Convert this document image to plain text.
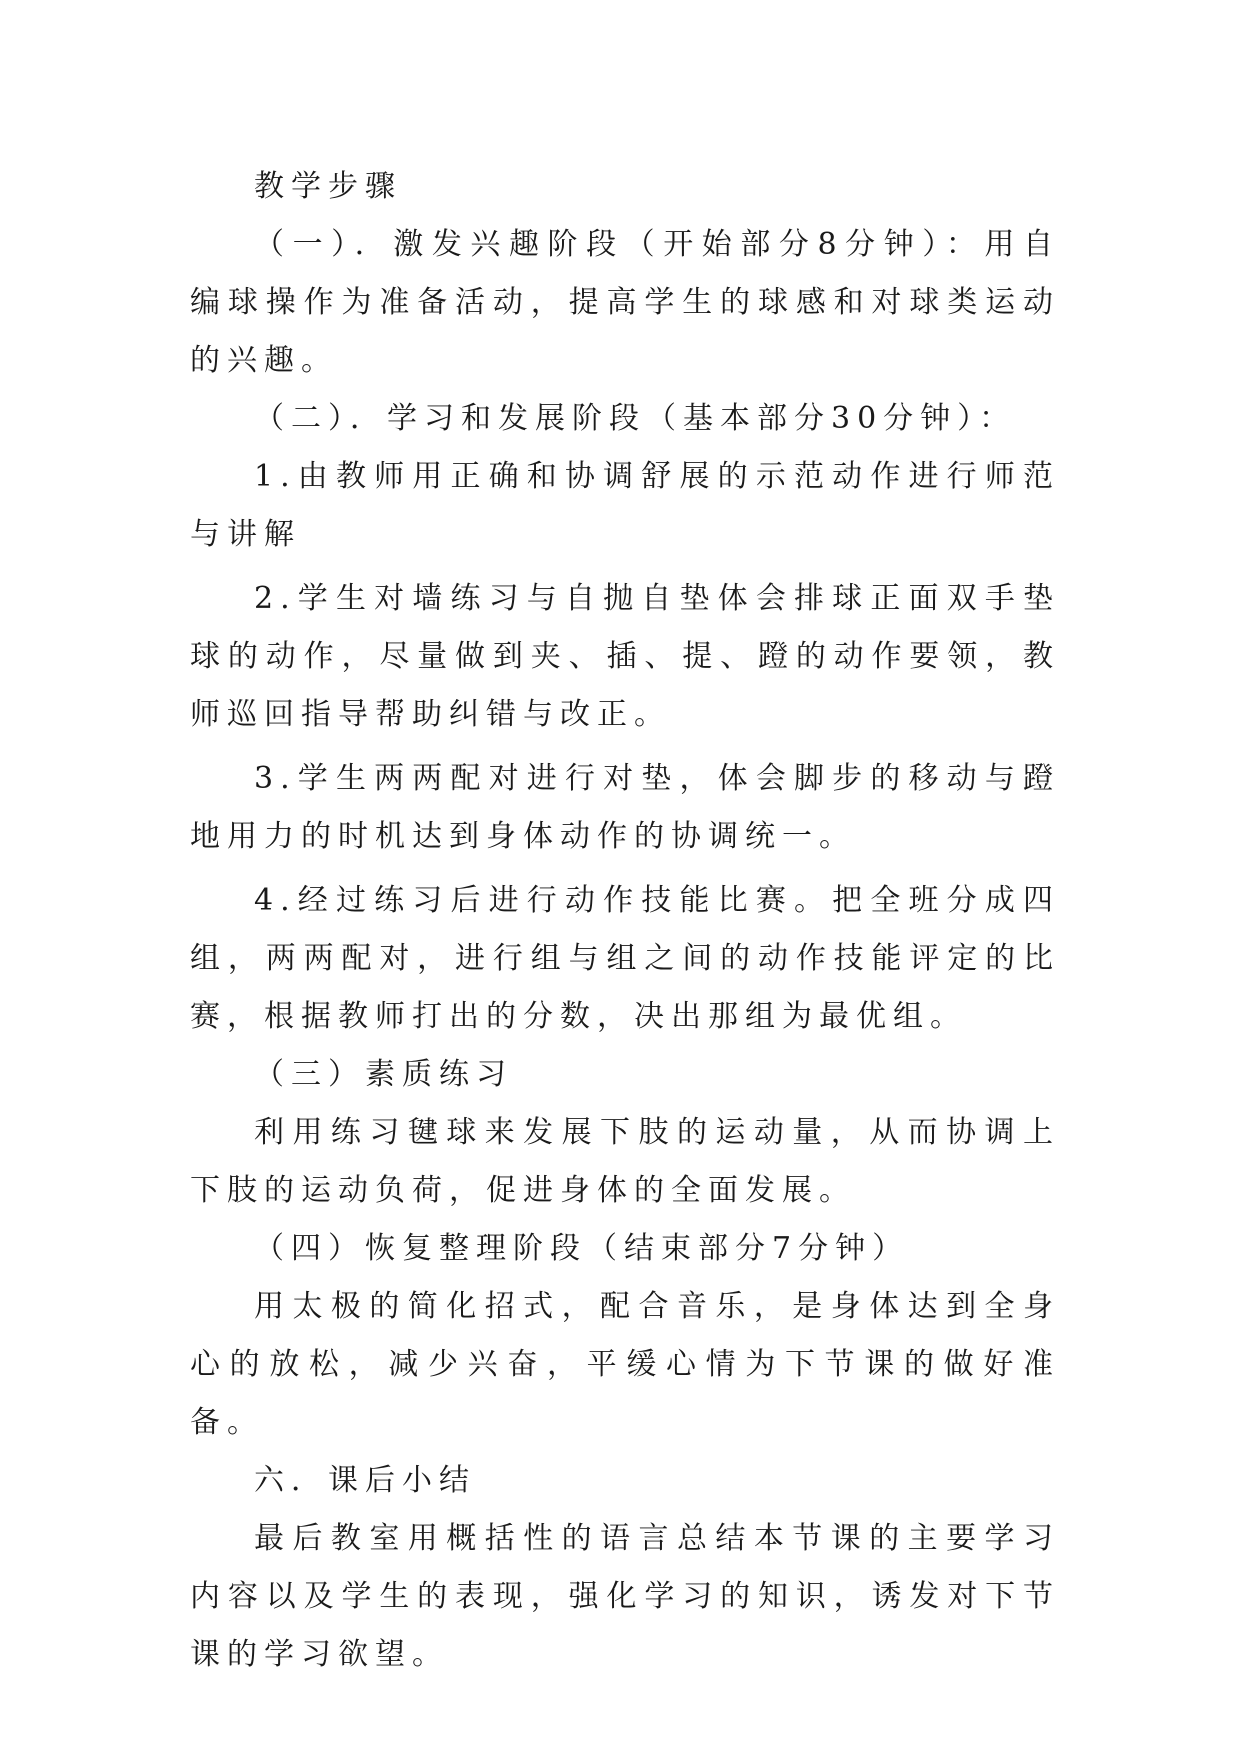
教学步骤

（一）．激发兴趣阶段（开始部分8分钟）：用自编球操作为准备活动，提高学生的球感和对球类运动的兴趣。

（二）．学习和发展阶段（基本部分30分钟）：

1.由教师用正确和协调舒展的示范动作进行师范与讲解

2.学生对墙练习与自抛自垫体会排球正面双手垫球的动作，尽量做到夹、插、提、蹬的动作要领，教师巡回指导帮助纠错与改正。

3.学生两两配对进行对垫，体会脚步的移动与蹬地用力的时机达到身体动作的协调统一。

4.经过练习后进行动作技能比赛。把全班分成四组，两两配对，进行组与组之间的动作技能评定的比赛，根据教师打出的分数，决出那组为最优组。

（三）素质练习

利用练习毽球来发展下肢的运动量，从而协调上下肢的运动负荷，促进身体的全面发展。

（四）恢复整理阶段（结束部分7分钟）

用太极的简化招式，配合音乐，是身体达到全身心的放松，减少兴奋，平缓心情为下节课的做好准备。

六．课后小结

最后教室用概括性的语言总结本节课的主要学习内容以及学生的表现，强化学习的知识，诱发对下节课的学习欲望。
